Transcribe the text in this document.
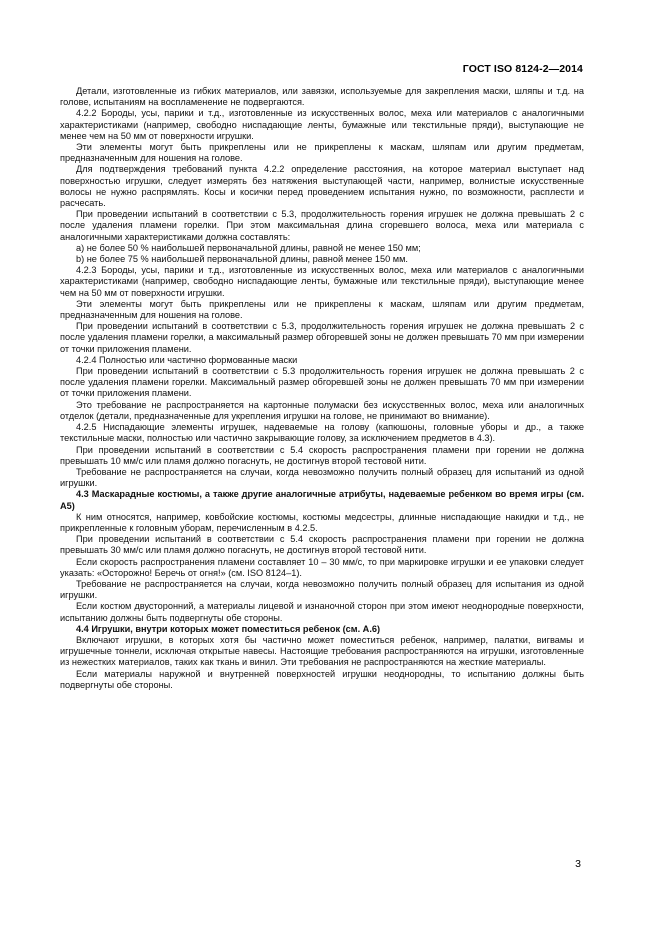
ГОСТ ISO 8124-2—2014

Детали, изготовленные из гибких материалов, или завязки, используемые для закрепления маски, шляпы и т.д. на голове, испытаниям на воспламенение не подвергаются.

4.2.2 Бороды, усы, парики и т.д., изготовленные из искусственных волос, меха или материалов с аналогичными характеристиками (например, свободно ниспадающие ленты, бумажные или текстильные пряди), выступающие не менее чем на 50 мм от поверхности игрушки.

Эти элементы могут быть прикреплены или не прикреплены к маскам, шляпам или другим предметам, предназначенным для ношения на голове.

Для подтверждения требований пункта 4.2.2 определение расстояния, на которое материал выступает над поверхностью игрушки, следует измерять без натяжения выступающей части, например, волнистые искусственные волосы не нужно распрямлять. Косы и косички перед проведением испытания нужно, по возможности, расплести и расчесать.

При проведении испытаний в соответствии с 5.3, продолжительность горения игрушек не должна превышать 2 с после удаления пламени горелки. При этом максимальная длина сгоревшего волоса, меха или материала с аналогичными характеристиками должна составлять:

а) не более 50 % наибольшей первоначальной длины, равной не менее 150 мм;

b) не более 75 % наибольшей первоначальной длины, равной менее 150 мм.

4.2.3 Бороды, усы, парики и т.д., изготовленные из искусственных волос, меха или материалов с аналогичными характеристиками (например, свободно ниспадающие ленты, бумажные или текстильные пряди), выступающие менее чем на 50 мм от поверхности игрушки.

Эти элементы могут быть прикреплены или не прикреплены к маскам, шляпам или другим предметам, предназначенным для ношения на голове.

При проведении испытаний в соответствии с 5.3, продолжительность горения игрушек не должна превышать 2 с после удаления пламени горелки, а максимальный размер обгоревшей зоны не должен превышать 70 мм при измерении от точки приложения пламени.

4.2.4 Полностью или частично формованные маски

При проведении испытаний в соответствии с 5.3 продолжительность горения игрушек не должна превышать 2 с после удаления пламени горелки. Максимальный размер обгоревшей зоны не должен превышать 70 мм при измерении от точки приложения пламени.

Это требование не распространяется на картонные полумаски без искусственных волос, меха или аналогичных отделок (детали, предназначенные для укрепления игрушки на голове, не принимают во внимание).

4.2.5 Ниспадающие элементы игрушек, надеваемые на голову (капюшоны, головные уборы и др., а также текстильные маски, полностью или частично закрывающие голову, за исключением предметов в 4.3).

При проведении испытаний в соответствии с 5.4 скорость распространения пламени при горении не должна превышать 10 мм/с или пламя должно погаснуть, не достигнув второй тестовой нити.

Требование не распространяется на случаи, когда невозможно получить полный образец для испытаний из одной игрушки.

4.3 Маскарадные костюмы, а также другие аналогичные атрибуты, надеваемые ребенком во время игры (см. А5)

К ним относятся, например, ковбойские костюмы, костюмы медсестры, длинные ниспадающие накидки и т.д., не прикрепленные к головным уборам, перечисленным в 4.2.5.

При проведении испытаний в соответствии с 5.4 скорость распространения пламени при горении не должна превышать 30 мм/с или пламя должно погаснуть, не достигнув второй тестовой нити.

Если скорость распространения пламени составляет 10 – 30 мм/с, то при маркировке игрушки и ее упаковки следует указать: «Осторожно! Беречь от огня!» (см. ISO 8124–1).

Требование не распространяется на случаи, когда невозможно получить полный образец для испытания из одной игрушки.

Если костюм двусторонний, а материалы лицевой и изнаночной сторон при этом имеют неоднородные поверхности, испытанию должны быть подвергнуты обе стороны.

4.4 Игрушки, внутри которых может поместиться ребенок (см. А.6)

Включают игрушки, в которых хотя бы частично может поместиться ребенок, например, палатки, вигвамы и игрушечные тоннели, исключая открытые навесы. Настоящие требования распространяются на игрушки, изготовленные из нежестких материалов, таких как ткань и винил. Эти требования не распространяются на жесткие материалы.

Если материалы наружной и внутренней поверхностей игрушки неоднородны, то испытанию должны быть подвергнуты обе стороны.

3
